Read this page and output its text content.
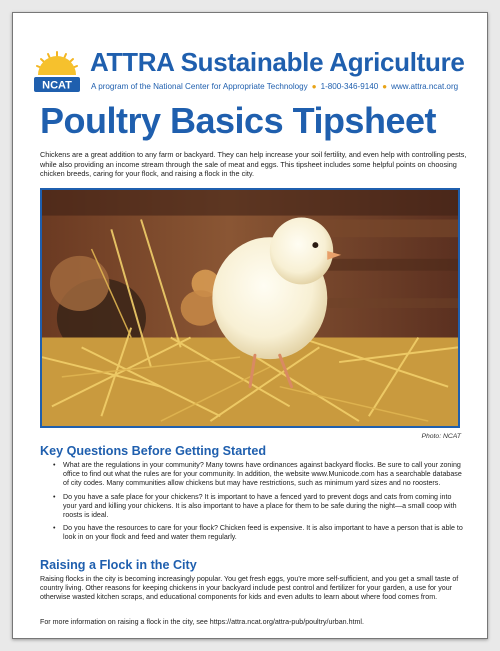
NCAT
ATTRA Sustainable Agriculture
A program of the National Center for Appropriate Technology ● 1-800-346-9140 ● www.attra.ncat.org
Poultry Basics Tipsheet

Chickens are a great addition to any farm or backyard. They can help increase your soil fertility, and even help with controlling pests, while also providing an income stream through the sale of meat and eggs. This tipsheet includes some helpful points on choosing chicken breeds, caring for your flock, and raising a flock in the city.

Photo: NCAT
Key Questions Before Getting Started
• What are the regulations in your community? Many towns have ordinances against backyard flocks. Be sure to call your zoning office to find out what the rules are for your community. In addition, the website www.Municode.com has a searchable database of city codes. Many communities allow chickens but may have restrictions, such as minimum yard sizes and no roosters.
• Do you have a safe place for your chickens? It is important to have a fenced yard to prevent dogs and cats from coming into your yard and killing your chickens. It is also important to have a place for them to be safe during the night—a small coop with roosts is ideal.
• Do you have the resources to care for your flock? Chicken feed is expensive. It is also important to have a person that is able to look in on your flock and feed and water them regularly.
Raising a Flock in the City

Raising flocks in the city is becoming increasingly popular. You get fresh eggs, you’re more self-sufficient, and you get a small taste of country living. Other reasons for keeping chickens in your backyard include pest control and fertilizer for your garden, a use for your otherwise wasted kitchen scraps, and educational components for kids and even adults to learn about where food comes from.

For more information on raising a flock in the city, see https://attra.ncat.org/attra-pub/poultry/urban.html.
